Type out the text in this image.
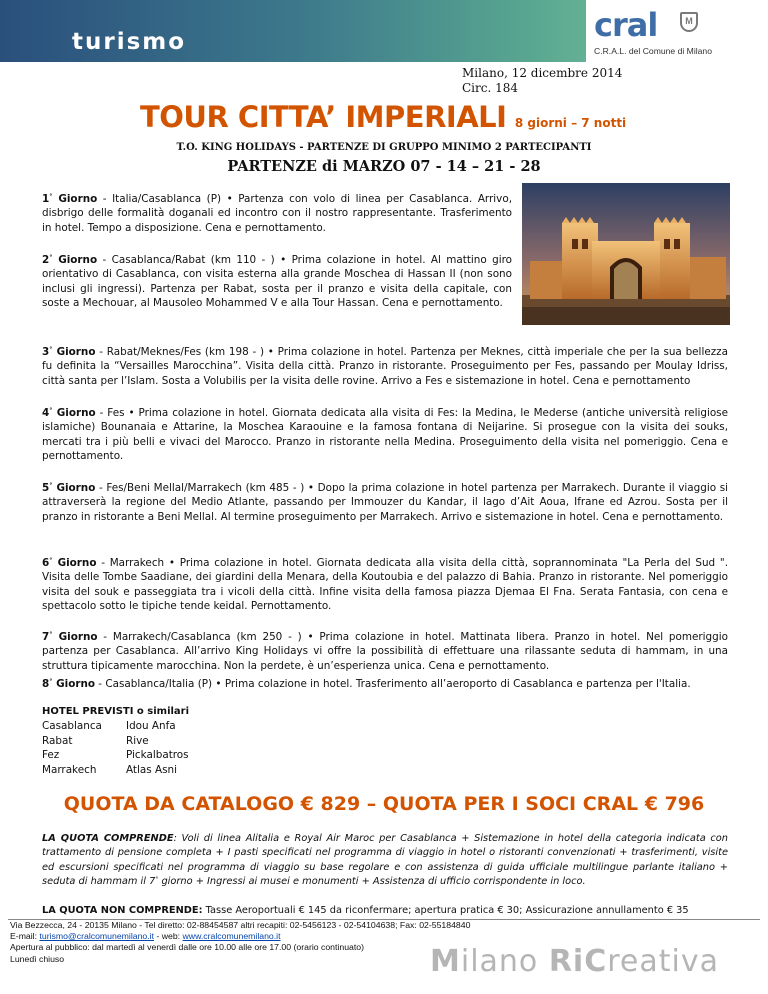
turismo	cral	M
C.R.A.L. del Comune di Milano
Milano, 12 dicembre 2014
Circ. 184
TOUR CITTA’ IMPERIALI 8 giorni – 7 notti
T.O. KING HOLIDAYS - PARTENZE DI GRUPPO MINIMO 2 PARTECIPANTI
PARTENZE di MARZO 07 - 14 – 21 - 28
1° Giorno - Italia/Casablanca (P) • Partenza con volo di linea per Casablanca. Arrivo, disbrigo delle formalità doganali ed incontro con il nostro rappresentante. Trasferimento in hotel. Tempo a disposizione. Cena e pernottamento.
2° Giorno - Casablanca/Rabat (km 110 - ) • Prima colazione in hotel. Al mattino giro orientativo di Casablanca, con visita esterna alla grande Moschea di Hassan II (non sono inclusi gli ingressi). Partenza per Rabat, sosta per il pranzo e visita della capitale, con soste a Mechouar, al Mausoleo Mohammed V e alla Tour Hassan. Cena e pernottamento.
3° Giorno - Rabat/Meknes/Fes (km 198 - ) • Prima colazione in hotel. Partenza per Meknes, città imperiale che per la sua bellezza fu definita la “Versailles Marocchina”. Visita della città. Pranzo in ristorante. Proseguimento per Fes, passando per Moulay Idriss, città santa per l’Islam. Sosta a Volubilis per la visita delle rovine. Arrivo a Fes e sistemazione in hotel. Cena e pernottamento
4° Giorno - Fes • Prima colazione in hotel. Giornata dedicata alla visita di Fes: la Medina, le Mederse (antiche università religiose islamiche) Bounanaia e Attarine, la Moschea Karaouine e la famosa fontana di Neijarine. Si prosegue con la visita dei souks, mercati tra i più belli e vivaci del Marocco. Pranzo in ristorante nella Medina. Proseguimento della visita nel pomeriggio. Cena e pernottamento.
5° Giorno - Fes/Beni Mellal/Marrakech (km 485 - ) • Dopo la prima colazione in hotel partenza per Marrakech. Durante il viaggio si attraverserà la regione del Medio Atlante, passando per Immouzer du Kandar, il lago d’Ait Aoua, Ifrane ed Azrou. Sosta per il pranzo in ristorante a Beni Mellal. Al termine proseguimento per Marrakech. Arrivo e sistemazione in hotel. Cena e pernottamento.
6° Giorno - Marrakech • Prima colazione in hotel. Giornata dedicata alla visita della città, soprannominata "La Perla del Sud ". Visita delle Tombe Saadiane, dei giardini della Menara, della Koutoubia e del palazzo di Bahia. Pranzo in ristorante. Nel pomeriggio visita del souk e passeggiata tra i vicoli della città. Infine visita della famosa piazza Djemaa El Fna. Serata Fantasia, con cena e spettacolo sotto le tipiche tende keidal. Pernottamento.
7° Giorno - Marrakech/Casablanca (km 250 - ) • Prima colazione in hotel. Mattinata libera. Pranzo in hotel. Nel pomeriggio partenza per Casablanca. All’arrivo King Holidays vi offre la possibilità di effettuare una rilassante seduta di hammam, in una struttura tipicamente marocchina. Non la perdete, è un’esperienza unica. Cena e pernottamento.
8° Giorno - Casablanca/Italia (P) • Prima colazione in hotel. Trasferimento all’aeroporto di Casablanca e partenza per l'Italia.
HOTEL PREVISTI o similari
Casablanca Idou Anfa
Rabat	Rive
Fez	Pickalbatros
Marrakech	Atlas Asni
QUOTA DA CATALOGO € 829 – QUOTA PER I SOCI CRAL € 796
LA QUOTA COMPRENDE: Voli di linea Alitalia e Royal Air Maroc per Casablanca + Sistemazione in hotel della categoria indicata con trattamento di pensione completa + I pasti specificati nel programma di viaggio in hotel o ristoranti convenzionati + trasferimenti, visite ed escursioni specificati nel programma di viaggio su base regolare e con assistenza di guida ufficiale multilingue parlante italiano + seduta di hammam il 7° giorno + Ingressi ai musei e monumenti + Assistenza di ufficio corrispondente in loco.
LA QUOTA NON COMPRENDE: Tasse Aeroportuali € 145 da riconfermare; apertura pratica € 30; Assicurazione annullamento € 35
Via Bezzecca, 24 - 20135 Milano - Tel diretto: 02-88454587 altri recapiti: 02-5456123 - 02-54104638; Fax: 02-55184840
E-mail: turismo@cralcomunemilano.it - web: www.cralcomunemilano.it
Apertura al pubblico: dal martedì al venerdì dalle ore 10.00 alle ore 17.00 (orario continuato)
Lunedì chiuso	Milano RiCreativa
